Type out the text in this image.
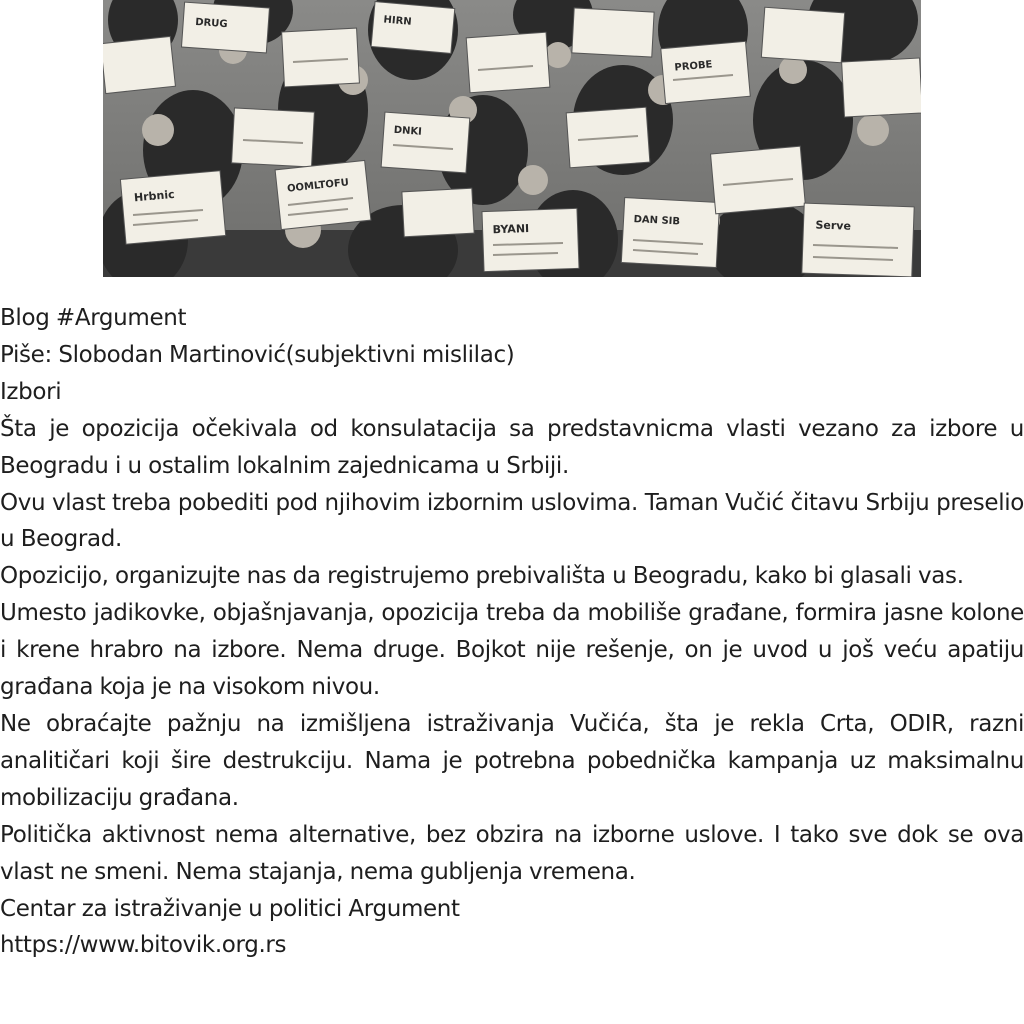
Hrbnic
DRUG
DNKI
OOMLTOFU
BYANI
HIRN
PROBE
DAN SIB	Serve

Blog #Argument

Piše: Slobodan Martinović(subjektivni mislilac)

Izbori

Šta je opozicija očekivala od konsulatacija sa predstavnicma vlasti vezano za izbore u Beogradu i u ostalim lokalnim zajednicama u Srbiji.

Ovu vlast treba pobediti pod njihovim izbornim uslovima. Taman Vučić čitavu Srbiju preselio u Beograd.

Opozicijo, organizujte nas da registrujemo prebivališta u Beogradu, kako bi glasali vas.

Umesto jadikovke, objašnjavanja, opozicija treba da mobiliše građane, formira jasne kolone i krene hrabro na izbore. Nema druge. Bojkot nije rešenje, on je uvod u još veću apatiju građana koja je na visokom nivou.

Ne obraćajte pažnju na izmišljena istraživanja Vučića, šta je rekla Crta, ODIR, razni analitičari koji šire destrukciju. Nama je potrebna pobednička kampanja uz maksimalnu mobilizaciju građana.

Politička aktivnost nema alternative, bez obzira na izborne uslove. I tako sve dok se ova vlast ne smeni. Nema stajanja, nema gubljenja vremena.

Centar za istraživanje u politici Argument

https://www.bitovik.org.rs
